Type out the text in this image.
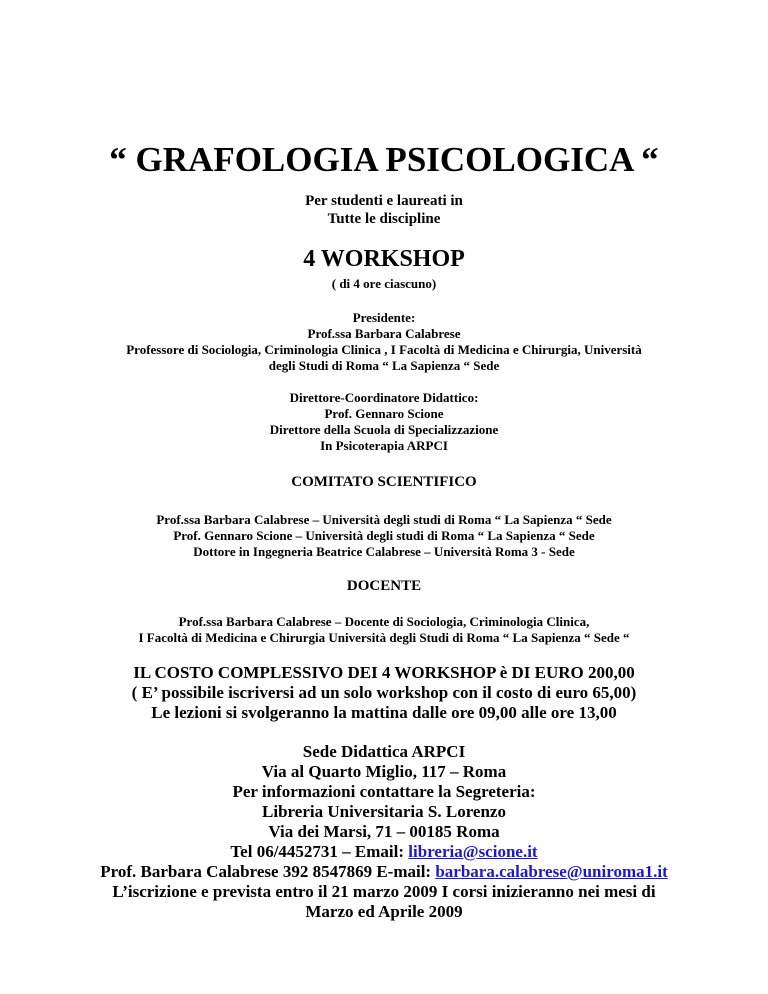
“ GRAFOLOGIA PSICOLOGICA “
Per studenti e laureati in
Tutte le discipline
4 WORKSHOP
( di 4 ore ciascuno)
Presidente:
Prof.ssa Barbara Calabrese
Professore di Sociologia, Criminologia Clinica , I Facoltà di Medicina e Chirurgia, Università
degli Studi di Roma “ La Sapienza “ Sede
Direttore-Coordinatore Didattico:
Prof. Gennaro Scione
Direttore della Scuola di Specializzazione
In Psicoterapia ARPCI
COMITATO SCIENTIFICO
Prof.ssa Barbara Calabrese – Università degli studi di Roma “ La Sapienza “ Sede
Prof. Gennaro Scione – Università degli studi di Roma “ La Sapienza “ Sede
Dottore in Ingegneria Beatrice Calabrese – Università Roma 3 - Sede
DOCENTE
Prof.ssa Barbara Calabrese – Docente di Sociologia, Criminologia Clinica,
I Facoltà di Medicina e Chirurgia Università degli Studi di Roma “ La Sapienza “ Sede “
IL COSTO COMPLESSIVO DEI 4 WORKSHOP è DI EURO 200,00
( E’ possibile iscriversi ad un solo workshop con il costo di euro 65,00)
Le lezioni si svolgeranno la mattina dalle ore 09,00 alle ore 13,00
Sede Didattica ARPCI
Via al Quarto Miglio, 117 – Roma
Per informazioni contattare la Segreteria:
Libreria Universitaria S. Lorenzo
Via dei Marsi, 71 – 00185 Roma
Tel 06/4452731 – Email: libreria@scione.it
Prof. Barbara Calabrese 392 8547869 E-mail: barbara.calabrese@uniroma1.it
L’iscrizione e prevista entro il 21 marzo 2009 I corsi inizieranno nei mesi di
Marzo ed Aprile 2009
